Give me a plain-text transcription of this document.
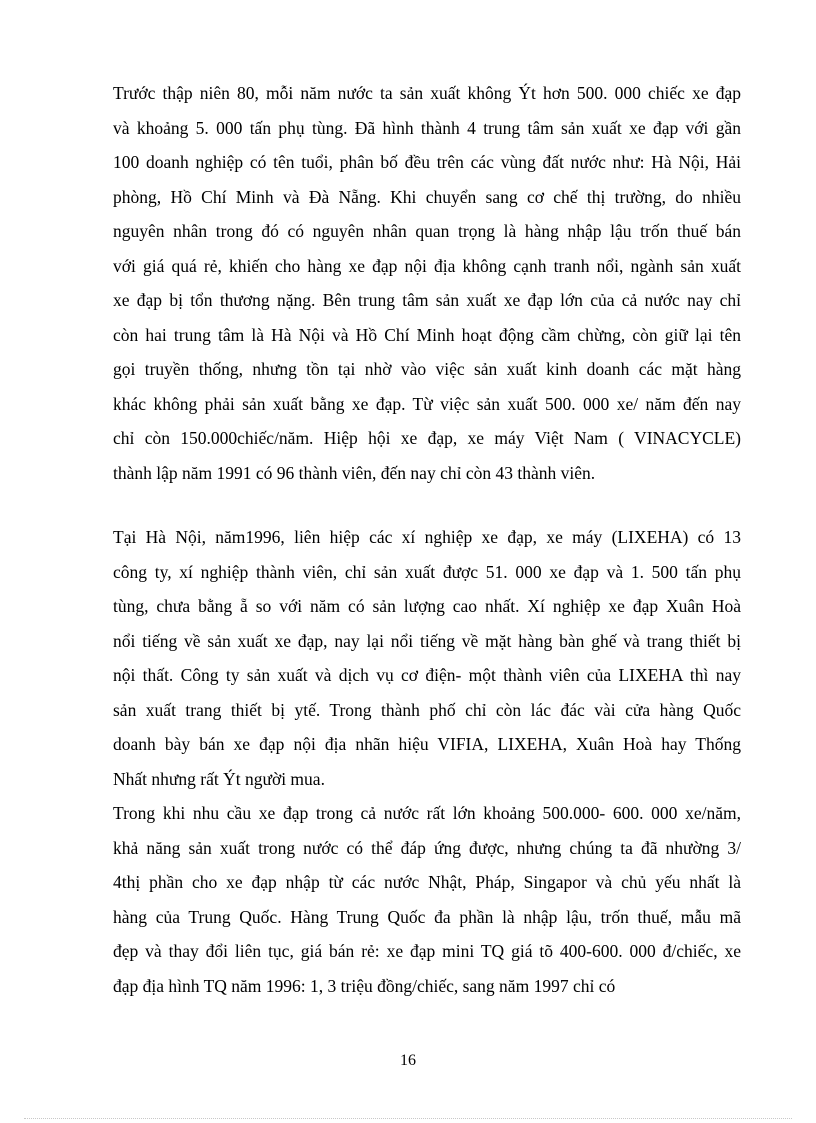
Trước thập niên 80, mỗi năm nước ta sản xuất không Ýt hơn 500. 000 chiếc xe đạp
và khoảng 5. 000 tấn phụ tùng. Đã hình thành 4 trung tâm sản xuất xe đạp với gần
100 doanh nghiệp có tên tuổi, phân bố đều trên các vùng đất nước như: Hà Nội, Hải
phòng, Hồ Chí Minh và Đà Nẵng. Khi chuyển sang cơ chế thị trường, do nhiều
nguyên nhân trong đó có nguyên nhân quan trọng là hàng nhập lậu trốn thuế bán
với giá quá rẻ, khiến cho hàng xe đạp nội địa không cạnh tranh nổi, ngành sản xuất
xe đạp bị tổn thương nặng. Bên trung tâm sản xuất xe đạp lớn của cả nước nay chỉ
còn hai trung tâm là Hà Nội và Hồ Chí Minh hoạt động cầm chừng, còn giữ lại tên
gọi truyền thống, nhưng tồn tại nhờ vào việc sản xuất kinh doanh các mặt hàng
khác không phải sản xuất bằng xe đạp. Từ việc sản xuất 500. 000 xe/ năm đến nay
chỉ còn 150.000chiếc/năm. Hiệp hội xe đạp, xe máy Việt Nam ( VINACYCLE)
thành lập năm 1991 có 96 thành viên, đến nay chỉ còn 43 thành viên.
Tại Hà Nội, năm1996, liên hiệp các xí nghiệp xe đạp, xe máy (LIXEHA) có 13
công ty, xí nghiệp thành viên, chỉ sản xuất được 51. 000 xe đạp và 1. 500 tấn phụ
tùng, chưa bằng ẵ so với năm có sản lượng cao nhất. Xí nghiệp xe đạp Xuân Hoà
nổi tiếng về sản xuất xe đạp, nay lại nổi tiếng về mặt hàng bàn ghế và trang thiết bị
nội thất. Công ty sản xuất và dịch vụ cơ điện- một thành viên của LIXEHA thì nay
sản xuất trang thiết bị ytế. Trong thành phố chỉ còn lác đác vài cửa hàng Quốc
doanh bày bán xe đạp nội địa nhãn hiệu VIFIA, LIXEHA, Xuân Hoà hay Thống
Nhất nhưng rất Ýt người mua.
Trong khi nhu cầu xe đạp trong cả nước rất lớn khoảng 500.000- 600. 000 xe/năm,
khả năng sản xuất trong nước có thể đáp ứng được, nhưng chúng ta đã nhường 3/
4thị phần cho xe đạp nhập từ các nước Nhật, Pháp, Singapor và chủ yếu nhất là
hàng của Trung Quốc. Hàng Trung Quốc đa phần là nhập lậu, trốn thuế, mẫu mã
đẹp và thay đổi liên tục, giá bán rẻ: xe đạp mini TQ giá tõ 400-600. 000 đ/chiếc, xe
đạp địa hình TQ năm 1996: 1, 3 triệu đồng/chiếc, sang năm 1997 chỉ có
16
